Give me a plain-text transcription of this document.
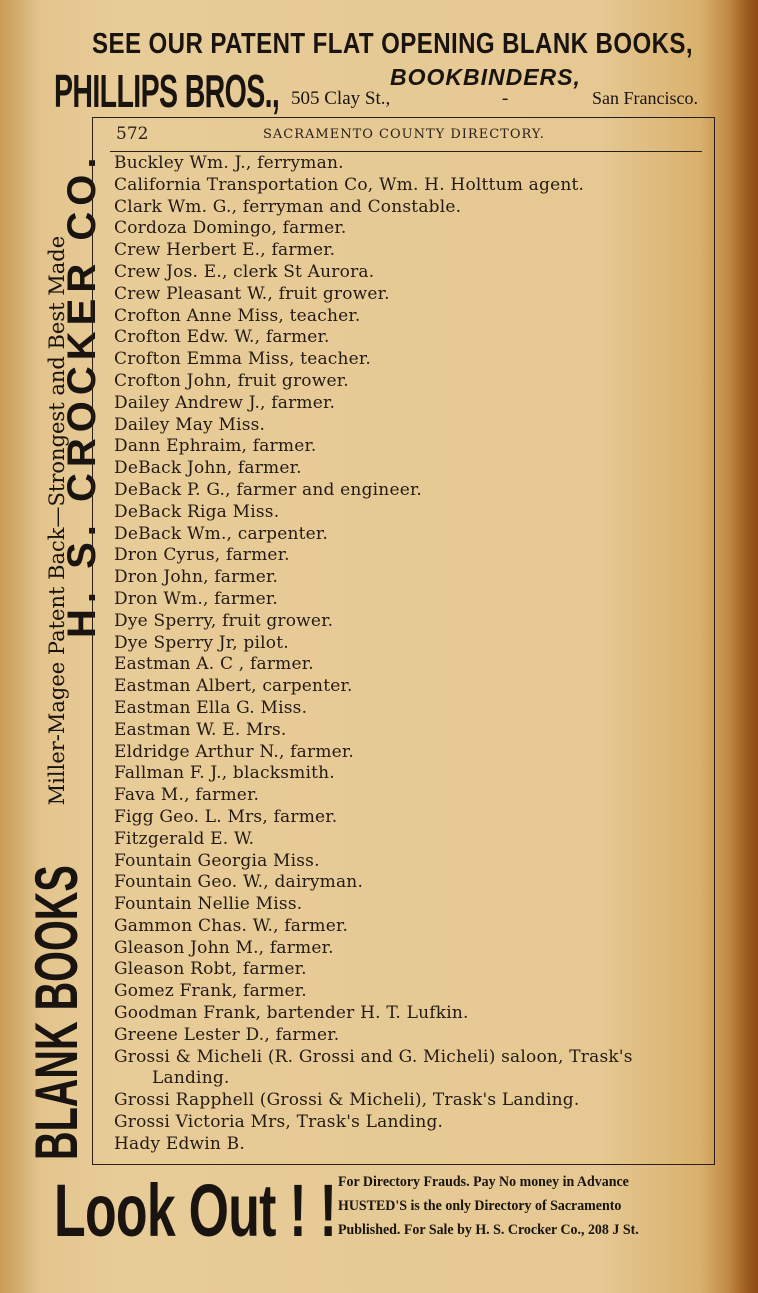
SEE OUR PATENT FLAT OPENING BLANK BOOKS,
PHILLIPS BROS.,	BOOKBINDERS,
505 Clay St.,	-	San Francisco.
BLANK BOOKSMiller-Magee Patent Back—Strongest and Best Made
H. S. CROCKER CO.
572	SACRAMENTO COUNTY DIRECTORY.
Buckley Wm. J., ferryman.
California Transportation Co, Wm. H. Holttum agent.
Clark Wm. G., ferryman and Constable.
Cordoza Domingo, farmer.
Crew Herbert E., farmer.
Crew Jos. E., clerk St Aurora.
Crew Pleasant W., fruit grower.
Crofton Anne Miss, teacher.
Crofton Edw. W., farmer.
Crofton Emma Miss, teacher.
Crofton John, fruit grower.
Dailey Andrew J., farmer.
Dailey May Miss.
Dann Ephraim, farmer.
DeBack John, farmer.
DeBack P. G., farmer and engineer.
DeBack Riga Miss.
DeBack Wm., carpenter.
Dron Cyrus, farmer.
Dron John, farmer.
Dron Wm., farmer.
Dye Sperry, fruit grower.
Dye Sperry Jr, pilot.
Eastman A. C , farmer.
Eastman Albert, carpenter.
Eastman Ella G. Miss.
Eastman W. E. Mrs.
Eldridge Arthur N., farmer.
Fallman F. J., blacksmith.
Fava M., farmer.
Figg Geo. L. Mrs, farmer.
Fitzgerald E. W.
Fountain Georgia Miss.
Fountain Geo. W., dairyman.
Fountain Nellie Miss.
Gammon Chas. W., farmer.
Gleason John M., farmer.
Gleason Robt, farmer.
Gomez Frank, farmer.
Goodman Frank, bartender H. T. Lufkin.
Greene Lester D., farmer.
Grossi & Micheli (R. Grossi and G. Micheli) saloon, Trask's
Landing.
Grossi Rapphell (Grossi & Micheli), Trask's Landing.
Grossi Victoria Mrs, Trask's Landing.
Hady Edwin B.
Look Out ! ! For Directory Frauds. Pay No money in Advance
HUSTED'S is the only Directory of Sacramento
Published. For Sale by H. S. Crocker Co., 208 J St.
